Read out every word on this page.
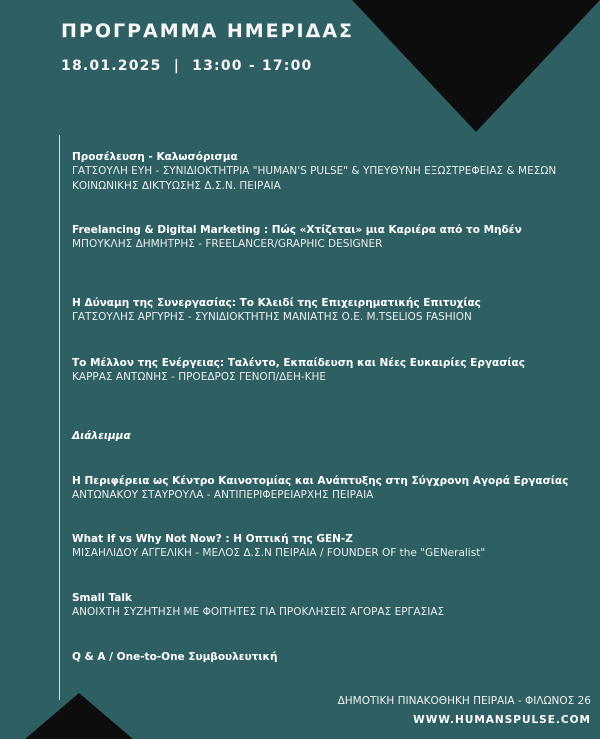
ΠΡΟΓΡΑΜΜΑ ΗΜΕΡΙΔΑΣ
18.01.2025  |  13:00 - 17:00
Προσέλευση - Καλωσόρισμα
ΓΑΤΣΟΥΛΗ ΕΥΗ - ΣΥΝΙΔΙΟΚΤΗΤΡΙΑ "HUMAN'S PULSE" & ΥΠΕΥΘΥΝΗ ΕΞΩΣΤΡΕΦΕΙΑΣ & ΜΕΣΩΝ ΚΟΙΝΩΝΙΚΗΣ ΔΙΚΤΥΩΣΗΣ Δ.Σ.Ν. ΠΕΙΡΑΙΑ
Freelancing & Digital Marketing : Πώς «Χτίζεται» μια Καριέρα από το Μηδέν
ΜΠΟΥΚΛΗΣ ΔΗΜΗΤΡΗΣ - FREELANCER/GRAPHIC DESIGNER
Η Δύναμη της Συνεργασίας: Το Κλειδί της Επιχειρηματικής Επιτυχίας
ΓΑΤΣΟΥΛΗΣ ΑΡΓΥΡΗΣ - ΣΥΝΙΔΙΟΚΤΗΤΗΣ ΜΑΝΙΑΤΗΣ Ο.Ε. M.TSELIOS FASHION
Το Μέλλον της Ενέργειας: Ταλέντο, Εκπαίδευση και Νέες Ευκαιρίες Εργασίας
ΚΑΡΡΑΣ ΑΝΤΩΝΗΣ - ΠΡΟΕΔΡΟΣ ΓΕΝΟΠ/ΔΕΗ-ΚΗΕ
Διάλειμμα
Η Περιφέρεια ως Κέντρο Καινοτομίας και Ανάπτυξης στη Σύγχρονη Αγορά Εργασίας
ΑΝΤΩΝΑΚΟΥ ΣΤΑΥΡΟΥΛΑ - ΑΝΤΙΠΕΡΙΦΕΡΕΙΑΡΧΗΣ ΠΕΙΡΑΙΑ
What If vs Why Not Now? : Η Οπτική της GEN-Z
ΜΙΣΑΗΛΙΔΟΥ ΑΓΓΕΛΙΚΗ - ΜΕΛΟΣ Δ.Σ.Ν ΠΕΙΡΑΙΑ / FOUNDER OF the "GENeralist"
Small Talk
ΑΝΟΙΧΤΗ ΣΥΖΗΤΗΣΗ ΜΕ ΦΟΙΤΗΤΕΣ ΓΙΑ ΠΡΟΚΛΗΣΕΙΣ ΑΓΟΡΑΣ ΕΡΓΑΣΙΑΣ
Q & A / One-to-One Συμβουλευτική
ΔΗΜΟΤΙΚΗ ΠΙΝΑΚΟΘΗΚΗ ΠΕΙΡΑΙΑ - ΦΙΛΩΝΟΣ 26
WWW.HUMANSPULSE.COM
